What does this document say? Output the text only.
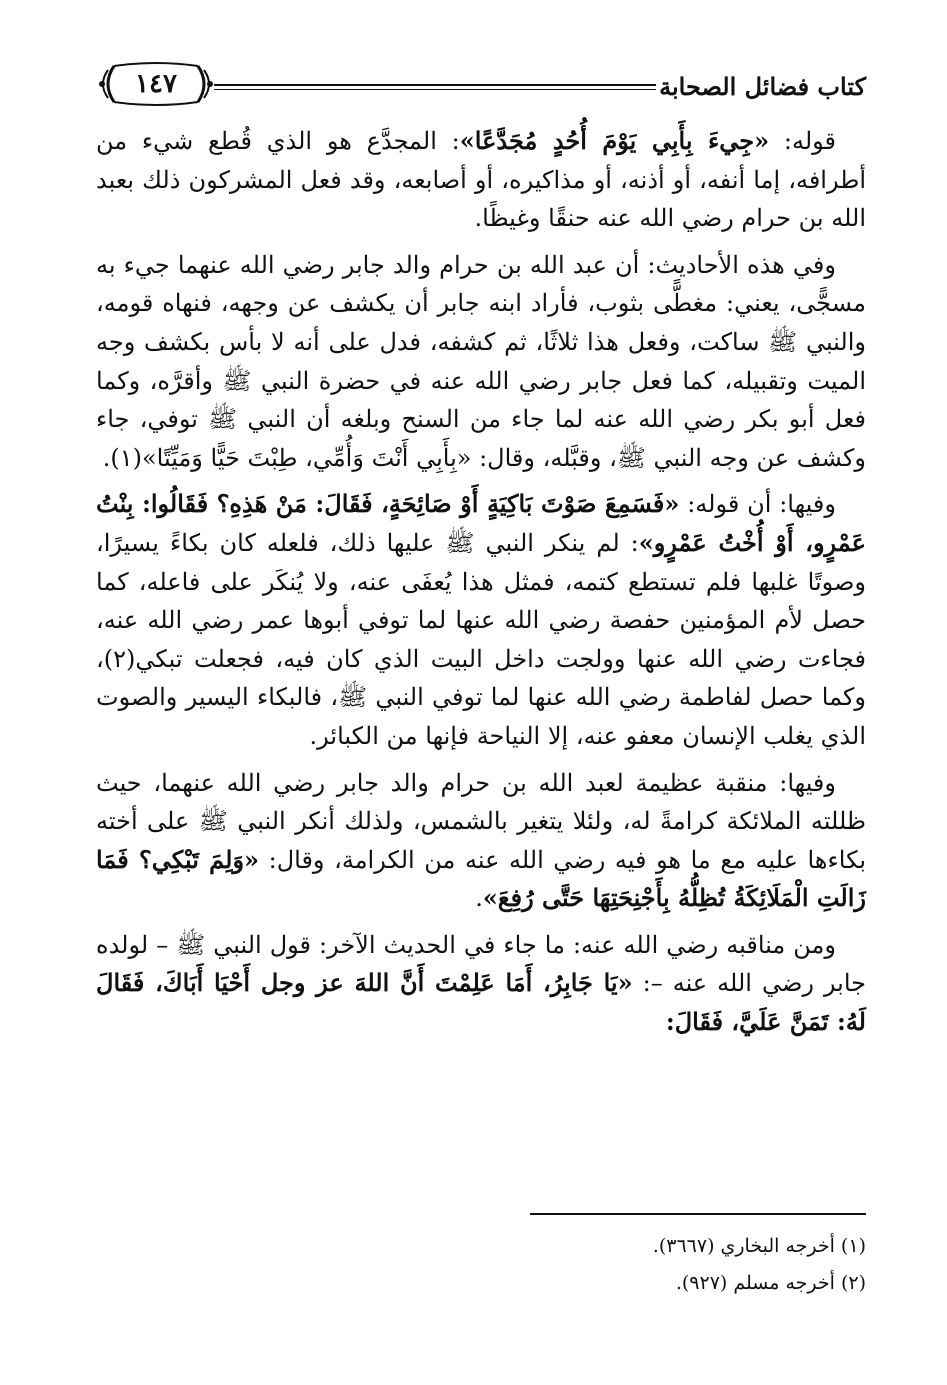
كتاب فضائل الصحابة
١٤٧

قوله: «جِيءَ بِأَبِي يَوْمَ أُحُدٍ مُجَدَّعًا»: المجدَّع هو الذي قُطع شيء من أطرافه، إما أنفه، أو أذنه، أو مذاكيره، أو أصابعه، وقد فعل المشركون ذلك بعبد الله بن حرام رضي الله عنه حنقًا وغيظًا.

وفي هذه الأحاديث: أن عبد الله بن حرام والد جابر رضي الله عنهما جيء به مسجًّى، يعني: مغطًّى بثوب، فأراد ابنه جابر أن يكشف عن وجهه، فنهاه قومه، والنبي ﷺ ساكت، وفعل هذا ثلاثًا، ثم كشفه، فدل على أنه لا بأس بكشف وجه الميت وتقبيله، كما فعل جابر رضي الله عنه في حضرة النبي ﷺ وأقرَّه، وكما فعل أبو بكر رضي الله عنه لما جاء من السنح وبلغه أن النبي ﷺ توفي، جاء وكشف عن وجه النبي ﷺ، وقبَّله، وقال: «بِأَبِي أَنْتَ وَأُمِّي، طِبْتَ حَيًّا وَمَيِّتًا»(١).

وفيها: أن قوله: «فَسَمِعَ صَوْتَ بَاكِيَةٍ أَوْ صَائِحَةٍ، فَقَالَ: مَنْ هَذِهِ؟ فَقَالُوا: بِنْتُ عَمْرٍو، أَوْ أُخْتُ عَمْرٍو»: لم ينكر النبي ﷺ عليها ذلك، فلعله كان بكاءً يسيرًا، وصوتًا غلبها فلم تستطع كتمه، فمثل هذا يُعفَى عنه، ولا يُنكَر على فاعله، كما حصل لأم المؤمنين حفصة رضي الله عنها لما توفي أبوها عمر رضي الله عنه، فجاءت رضي الله عنها وولجت داخل البيت الذي كان فيه، فجعلت تبكي(٢)، وكما حصل لفاطمة رضي الله عنها لما توفي النبي ﷺ، فالبكاء اليسير والصوت الذي يغلب الإنسان معفو عنه، إلا النياحة فإنها من الكبائر.

وفيها: منقبة عظيمة لعبد الله بن حرام والد جابر رضي الله عنهما، حيث ظللته الملائكة كرامةً له، ولئلا يتغير بالشمس، ولذلك أنكر النبي ﷺ على أخته بكاءها عليه مع ما هو فيه رضي الله عنه من الكرامة، وقال: «وَلِمَ تَبْكِي؟ فَمَا زَالَتِ الْمَلَائِكَةُ تُظِلُّهُ بِأَجْنِحَتِهَا حَتَّى رُفِعَ».

ومن مناقبه رضي الله عنه: ما جاء في الحديث الآخر: قول النبي ﷺ – لولده جابر رضي الله عنه –: «يَا جَابِرُ، أَمَا عَلِمْتَ أَنَّ اللهَ عز وجل أَحْيَا أَبَاكَ، فَقَالَ لَهُ: تَمَنَّ عَلَيَّ، فَقَالَ:

(١) أخرجه البخاري (٣٦٦٧).
(٢) أخرجه مسلم (٩٢٧).
